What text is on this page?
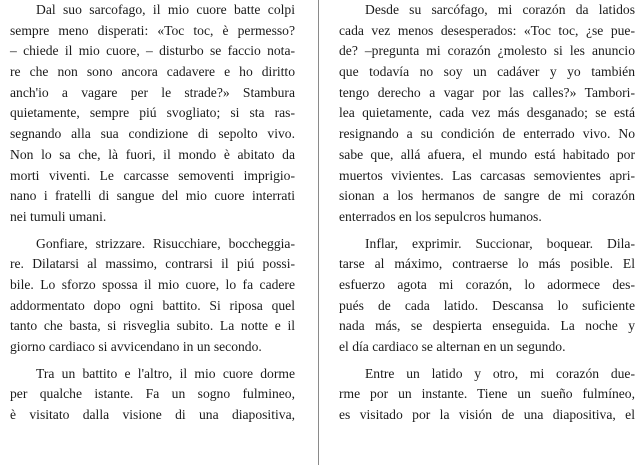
Dal suo sarcofago, il mio cuore batte colpi
sempre meno disperati: «Toc toc, è permesso?
– chiede il mio cuore, – disturbo se faccio nota-
re che non sono ancora cadavere e ho diritto
anch'io a vagare per le strade?» Stambura
quietamente, sempre piú svogliato; si sta ras-
segnando alla sua condizione di sepolto vivo.
Non lo sa che, là fuori, il mondo è abitato da
morti viventi. Le carcasse semoventi imprigio-
nano i fratelli di sangue del mio cuore interrati
nei tumuli umani.
Gonfiare, strizzare. Risucchiare, boccheggia-
re. Dilatarsi al massimo, contrarsi il piú possi-
bile. Lo sforzo spossa il mio cuore, lo fa cadere
addormentato dopo ogni battito. Si riposa quel
tanto che basta, si risveglia subito. La notte e il
giorno cardiaco si avvicendano in un secondo.
Tra un battito e l'altro, il mio cuore dorme
per qualche istante. Fa un sogno fulmineo,
è visitato dalla visione di una diapositiva,
Desde su sarcófago, mi corazón da latidos
cada vez menos desesperados: «Toc toc, ¿se pue-
de? –pregunta mi corazón ¿molesto si les anuncio
que todavía no soy un cadáver y yo también
tengo derecho a vagar por las calles?» Tambori-
lea quietamente, cada vez más desganado; se está
resignando a su condición de enterrado vivo. No
sabe que, allá afuera, el mundo está habitado por
muertos vivientes. Las carcasas semovientes apri-
sionan a los hermanos de sangre de mi corazón
enterrados en los sepulcros humanos.
Inflar, exprimir. Succionar, boquear. Dila-
tarse al máximo, contraerse lo más posible. El
esfuerzo agota mi corazón, lo adormece des-
pués de cada latido. Descansa lo suficiente
nada más, se despierta enseguida. La noche y
el día cardiaco se alternan en un segundo.
Entre un latido y otro, mi corazón due-
rme por un instante. Tiene un sueño fulmíneo,
es visitado por la visión de una diapositiva, el
